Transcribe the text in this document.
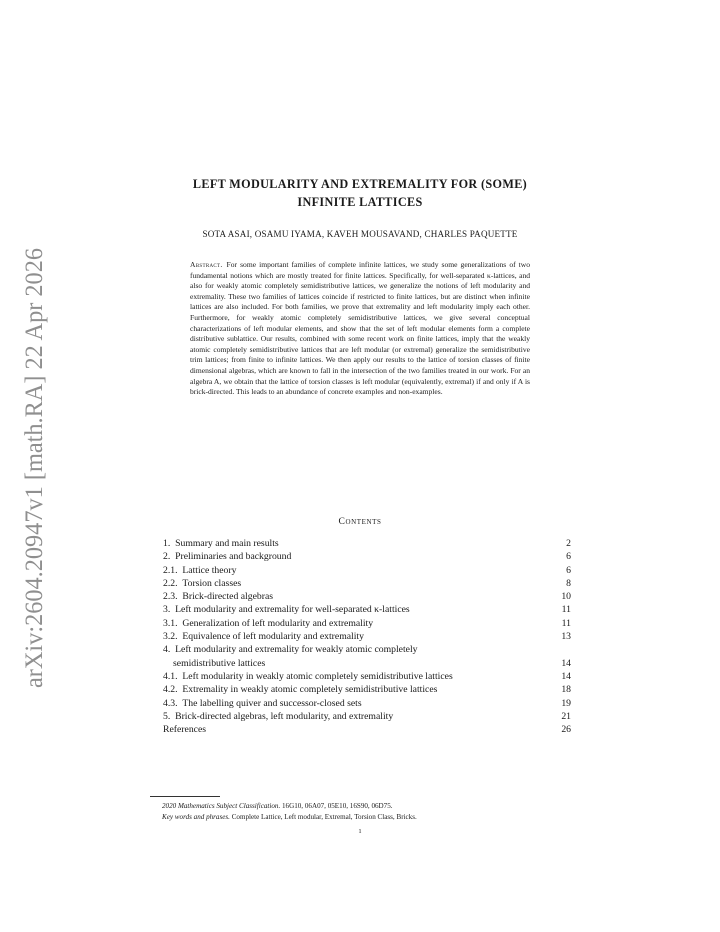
arXiv:2604.20947v1 [math.RA] 22 Apr 2026
LEFT MODULARITY AND EXTREMALITY FOR (SOME)
INFINITE LATTICES
SOTA ASAI, OSAMU IYAMA, KAVEH MOUSAVAND, CHARLES PAQUETTE
Abstract. For some important families of complete infinite lattices, we study some generalizations of two fundamental notions which are mostly treated for finite lattices. Specifically, for well-separated κ-lattices, and also for weakly atomic completely semidistributive lattices, we generalize the notions of left modularity and extremality. These two families of lattices coincide if restricted to finite lattices, but are distinct when infinite lattices are also included. For both families, we prove that extremality and left modularity imply each other. Furthermore, for weakly atomic completely semidistributive lattices, we give several conceptual characterizations of left modular elements, and show that the set of left modular elements form a complete distributive sublattice. Our results, combined with some recent work on finite lattices, imply that the weakly atomic completely semidistributive lattices that are left modular (or extremal) generalize the semidistributive trim lattices; from finite to infinite lattices. We then apply our results to the lattice of torsion classes of finite dimensional algebras, which are known to fall in the intersection of the two families treated in our work. For an algebra A, we obtain that the lattice of torsion classes is left modular (equivalently, extremal) if and only if A is brick-directed. This leads to an abundance of concrete examples and non-examples.
Contents
1. Summary and main results	2
2. Preliminaries and background	6
2.1. Lattice theory	6
2.2. Torsion classes	8
2.3. Brick-directed algebras	10
3. Left modularity and extremality for well-separated κ-lattices	11
3.1. Generalization of left modularity and extremality	11
3.2. Equivalence of left modularity and extremality	13
4. Left modularity and extremality for weakly atomic completely
semidistributive lattices	14
4.1. Left modularity in weakly atomic completely semidistributive lattices	14
4.2. Extremality in weakly atomic completely semidistributive lattices	18
4.3. The labelling quiver and successor-closed sets	19
5. Brick-directed algebras, left modularity, and extremality	21
References	26
2020 Mathematics Subject Classification. 16G10, 06A07, 05E10, 16S90, 06D75.
Key words and phrases. Complete Lattice, Left modular, Extremal, Torsion Class, Bricks.
1
